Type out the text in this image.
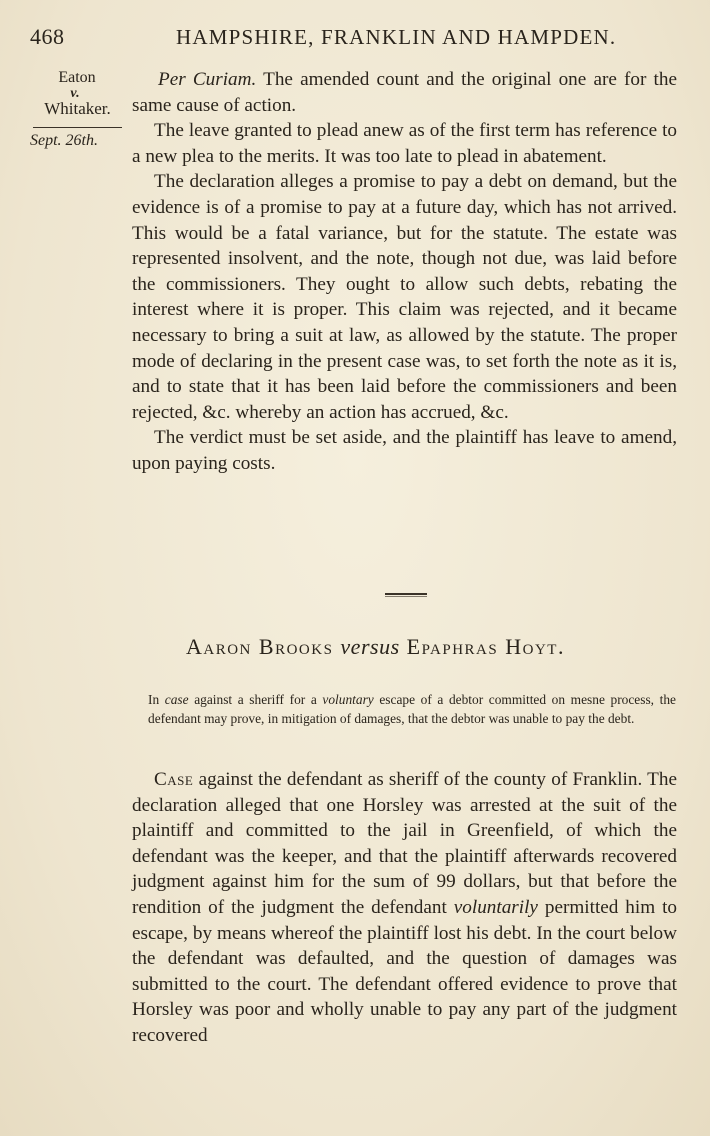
468	HAMPSHIRE, FRANKLIN AND HAMPDEN.
Eaton
v.
Whitaker.
Sept. 26th.

Per Curiam. The amended count and the original one are for the same cause of action.

The leave granted to plead anew as of the first term has reference to a new plea to the merits. It was too late to plead in abatement.

The declaration alleges a promise to pay a debt on demand, but the evidence is of a promise to pay at a future day, which has not arrived. This would be a fatal variance, but for the statute. The estate was represented insolvent, and the note, though not due, was laid before the commissioners. They ought to allow such debts, rebating the interest where it is proper. This claim was rejected, and it became necessary to bring a suit at law, as allowed by the statute. The proper mode of declaring in the present case was, to set forth the note as it is, and to state that it has been laid before the commissioners and been rejected, &c. whereby an action has accrued, &c.

The verdict must be set aside, and the plaintiff has leave to amend, upon paying costs.

Aaron Brooks versus Epaphras Hoyt.

In case against a sheriff for a voluntary escape of a debtor committed on mesne process, the defendant may prove, in mitigation of damages, that the debtor was unable to pay the debt.

Case against the defendant as sheriff of the county of Franklin. The declaration alleged that one Horsley was arrested at the suit of the plaintiff and committed to the jail in Greenfield, of which the defendant was the keeper, and that the plaintiff afterwards recovered judgment against him for the sum of 99 dollars, but that before the rendition of the judgment the defendant voluntarily permitted him to escape, by means whereof the plaintiff lost his debt. In the court below the defendant was defaulted, and the question of damages was submitted to the court. The defendant offered evidence to prove that Horsley was poor and wholly unable to pay any part of the judgment recovered
